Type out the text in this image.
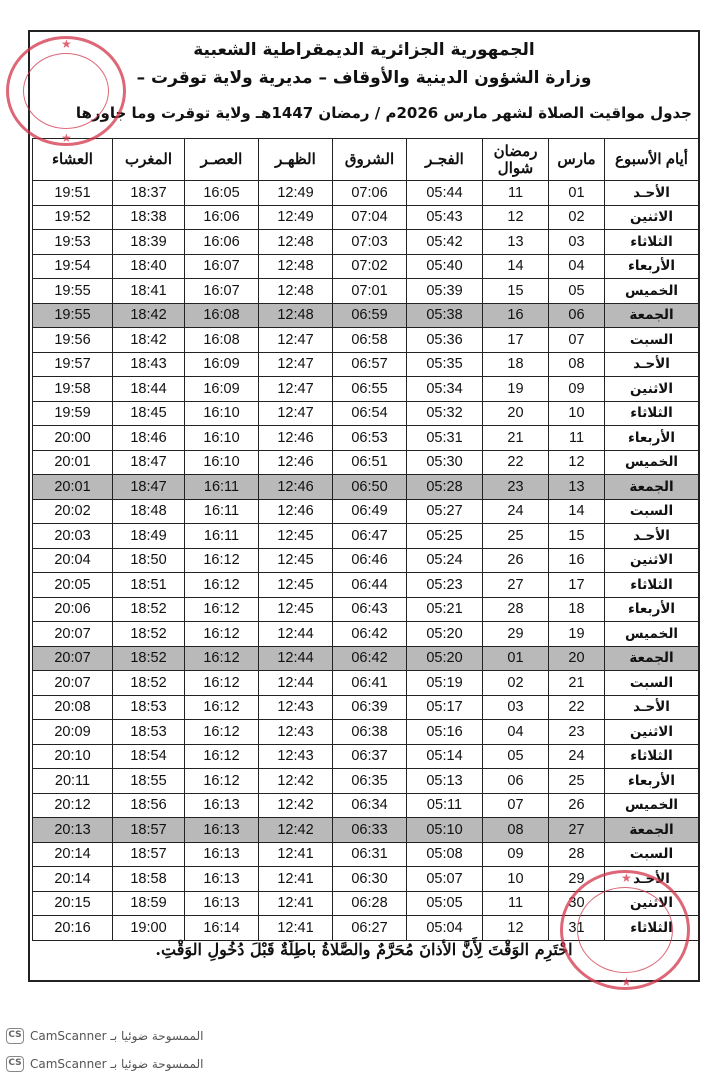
الجمهورية الجزائرية الديمقراطية الشعبية
وزارة الشؤون الدينية والأوقاف – مديرية ولاية توقرت –
جدول مواقيت الصلاة لشهر مارس 2026م / رمضان 1447هـ ولاية توقرت وما جاورها
أيام الأسبوع	مارس	رمضان شوال	الفجـر	الشروق	الظهـر	العصـر	المغرب	العشاء
الأحـد	01	11	05:44	07:06	12:49	16:05	18:37	19:51
الاثنين	02	12	05:43	07:04	12:49	16:06	18:38	19:52
الثلاثاء	03	13	05:42	07:03	12:48	16:06	18:39	19:53
الأربعاء	04	14	05:40	07:02	12:48	16:07	18:40	19:54
الخميس	05	15	05:39	07:01	12:48	16:07	18:41	19:55
الجمعة	06	16	05:38	06:59	12:48	16:08	18:42	19:55
السبت	07	17	05:36	06:58	12:47	16:08	18:42	19:56
الأحـد	08	18	05:35	06:57	12:47	16:09	18:43	19:57
الاثنين	09	19	05:34	06:55	12:47	16:09	18:44	19:58
الثلاثاء	10	20	05:32	06:54	12:47	16:10	18:45	19:59
الأربعاء	11	21	05:31	06:53	12:46	16:10	18:46	20:00
الخميس	12	22	05:30	06:51	12:46	16:10	18:47	20:01
الجمعة	13	23	05:28	06:50	12:46	16:11	18:47	20:01
السبت	14	24	05:27	06:49	12:46	16:11	18:48	20:02
الأحـد	15	25	05:25	06:47	12:45	16:11	18:49	20:03
الاثنين	16	26	05:24	06:46	12:45	16:12	18:50	20:04
الثلاثاء	17	27	05:23	06:44	12:45	16:12	18:51	20:05
الأربعاء	18	28	05:21	06:43	12:45	16:12	18:52	20:06
الخميس	19	29	05:20	06:42	12:44	16:12	18:52	20:07
الجمعة	20	01	05:20	06:42	12:44	16:12	18:52	20:07
السبت	21	02	05:19	06:41	12:44	16:12	18:52	20:07
الأحـد	22	03	05:17	06:39	12:43	16:12	18:53	20:08
الاثنين	23	04	05:16	06:38	12:43	16:12	18:53	20:09
الثلاثاء	24	05	05:14	06:37	12:43	16:12	18:54	20:10
الأربعاء	25	06	05:13	06:35	12:42	16:12	18:55	20:11
الخميس	26	07	05:11	06:34	12:42	16:13	18:56	20:12
الجمعة	27	08	05:10	06:33	12:42	16:13	18:57	20:13
السبت	28	09	05:08	06:31	12:41	16:13	18:57	20:14
الأحـد	29	10	05:07	06:30	12:41	16:13	18:58	20:14
الاثنين	30	11	05:05	06:28	12:41	16:13	18:59	20:15
الثلاثاء	31	12	05:04	06:27	12:41	16:14	19:00	20:16
احْتَرِم الوَقْتَ لِأَنَّ الأذانَ مُحَرَّمٌ والصَّلاةُ باطِلَةٌ قَبْلَ دُخُولِ الوَقْتِ.
★
★
★
★
CS الممسوحة ضوئيا بـ CamScanner
CS الممسوحة ضوئيا بـ CamScanner
